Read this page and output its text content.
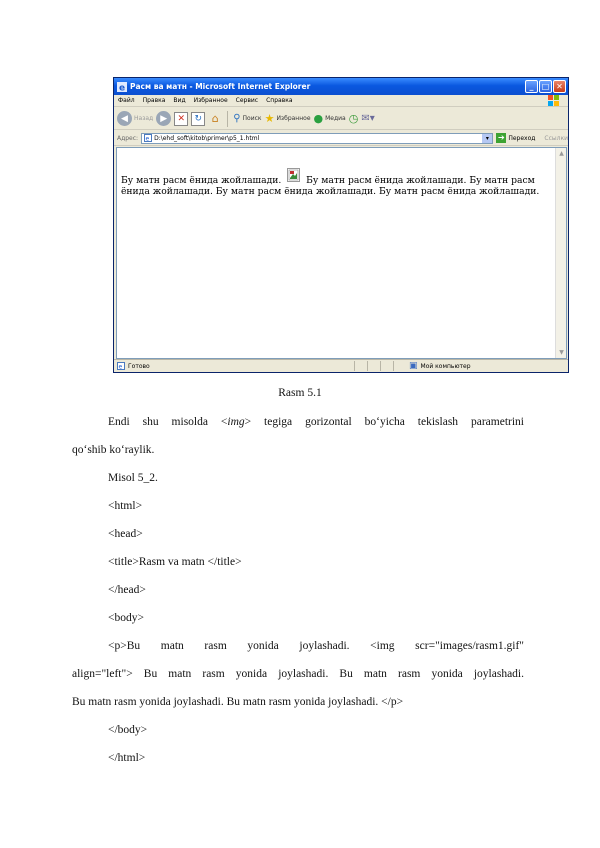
e Расм ва матн - Microsoft Internet Explorer	_	□ ✕
Файл Правка Вид Избранное Сервис Справка
◀	Назад ▶	✕	↻ ⌂	⚲ Поиск ★ Избранное ● Медиа ◷ ✉▾
Адрес: e D:\ehd_soft\kitob\primer\p5_1.html	▾	➔ Переход Ссылки
Бу матн расм ёнида жойлашади.	Бу матн расм ёнида жойлашади. Бу матн расм ёнида жойлашади. Бу матн расм ёнида жойлашади. Бу матн расм ёнида жойлашади.
▲
▼
e Готово	▣ Мой компьютер
Rasm 5.1
Endi shu misolda <img> tegiga gorizontal bo‘yicha tekislash parametrini
qo‘shib ko‘raylik.
Misol 5_2.
<html>
<head>
<title>Rasm va matn </title>
</head>
<body>
<p>Bu matn rasm yonida joylashadi. <img scr="images/rasm1.gif"
align="left"> Bu matn rasm yonida joylashadi. Bu matn rasm yonida joylashadi.
Bu matn rasm yonida joylashadi. Bu matn rasm yonida joylashadi. </p>
</body>
</html>
